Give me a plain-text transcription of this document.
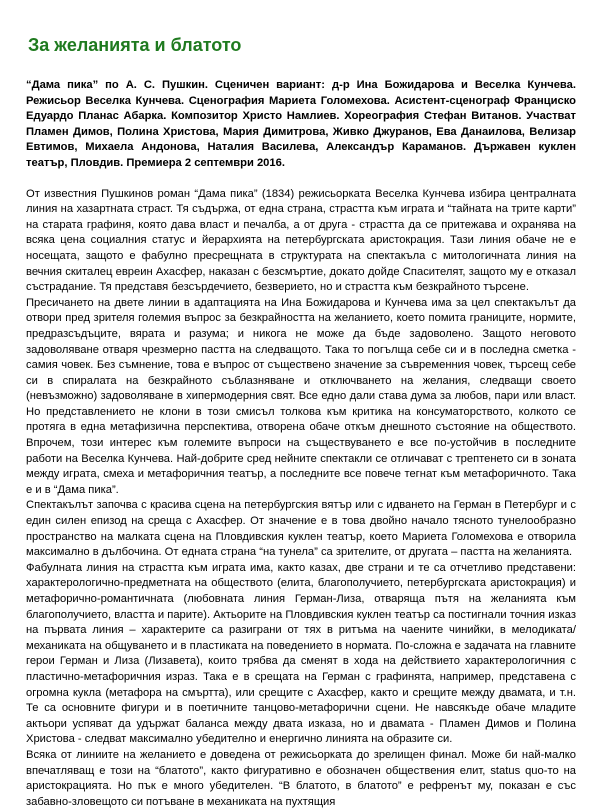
За желанията и блатото

“Дама пика” по А. С. Пушкин. Сценичен вариант: д-р Ина Божидарова и Веселка Кунчева. Режисьор Веселка Кунчева. Сценография Мариета Голомехова. Асистент-сценограф Франциско Едуардо Планас Абарка. Композитор Христо Намлиев. Хореография Стефан Витанов. Участват Пламен Димов, Полина Христова, Мария Димитрова, Живко Джуранов, Ева Данаилова, Велизар Евтимов, Михаела Андонова, Наталия Василева, Александър Караманов. Държавен куклен театър, Пловдив. Премиера 2 септември 2016.

От известния Пушкинов роман “Дама пика” (1834) режисьорката Веселка Кунчева избира централната линия на хазартната страст. Тя съдържа, от една страна, страстта към играта и “тайната на трите карти” на старата графиня, която дава власт и печалба, а от друга - страстта да се притежава и охранява на всяка цена социалния статус и йерархията на петербургската аристокрация. Тази линия обаче не е носещата, защото е фабулно пресрещната в структурата на спектакъла с митологичната линия на вечния скиталец евреин Ахасфер, наказан с безсмъртие, докато дойде Спасителят, защото му е отказал състрадание. Тя представя безсърдечието, безверието, но и страстта към безкрайното търсене.

Пресичането на двете линии в адаптацията на Ина Божидарова и Кунчева има за цел спектакълът да отвори пред зрителя големия въпрос за безкрайността на желанието, което помита границите, нормите, предразсъдъците, вярата и разума; и никога не може да бъде задоволено. Защото неговото задоволяване отваря чрезмерно пастта на следващото. Така то погълща себе си и в последна сметка - самия човек. Без съмнение, това е въпрос от съществено значение за съвременния човек, търсещ себе си в спиралата на безкрайното съблазняване и отключването на желания, следващи своето (невъзможно) задоволяване в хипермодерния свят. Все едно дали става дума за любов, пари или власт. Но представлението не клони в този смисъл толкова към критика на консуматорството, колкото се протяга в една метафизична перспектива, отворена обаче откъм днешното състояние на обществото. Впрочем, този интерес към големите въпроси на съществуването е все по-устойчив в последните работи на Веселка Кунчева. Най-добрите сред нейните спектакли се отличават с трептенето си в зоната между играта, смеха и метафоричния театър, а последните все повече тегнат към метафоричното. Така е и в “Дама пика”.

Спектакълът започва с красива сцена на петербургския вятър или с идването на Герман в Петербург и с един силен епизод на среща с Ахасфер. От значение е в това двойно начало тясното тунелообразно пространство на малката сцена на Пловдивския куклен театър, което Мариета Голомехова е отворила максимално в дълбочина. От едната страна “на тунела” са зрителите, от другата – пастта на желанията.

Фабулната линия на страстта към играта има, както казах, две страни и те са отчетливо представени: характерологично-предметната на обществото (елита, благополучието, петербургската аристокрация) и метафорично-романтичната (любовната линия Герман-Лиза, отваряща пътя на желанията към благополучието, властта и парите). Актьорите на Пловдивския куклен театър са постигнали точния изказ на първата линия – характерите са разиграни от тях в ритъма на чаените чинийки, в мелодиката/механиката на общуването и в пластиката на поведението в нормата. По-сложна е задачата на главните герои Герман и Лиза (Лизавета), които трябва да сменят в хода на действието характерологичния с пластично-метафоричния израз. Така е в срещата на Герман с графинята, например, представена с огромна кукла (метафора на смъртта), или срещите с Ахасфер, както и срещите между двамата, и т.н. Те са основните фигури и в поетичните танцово-метафорични сцени. Не навсякъде обаче младите актьори успяват да удържат баланса между двата изказа, но и двамата - Пламен Димов и Полина Христова - следват максимално убедително и енергично линията на образите си.

Всяка от линиите на желанието е доведена от режисьорката до зрелищен финал. Може би най-малко впечатляващ е този на “блатото”, както фигуративно е обозначен обществения елит, status quo-то на аристокрацията. Но пък е много убедителен. “В блатото, в блатото” е рефренът му, показан е със забавно-зловещото си потъване в механиката на пухтящия
